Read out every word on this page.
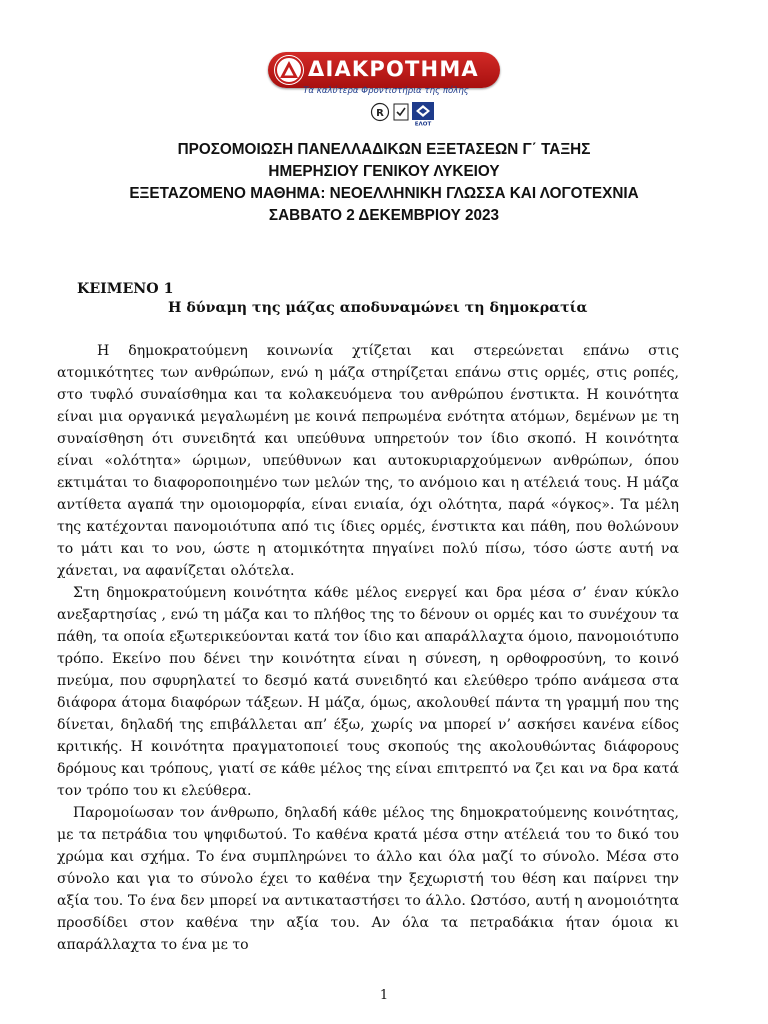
ΔΙΑΚΡΟΤΗΜΑ
Τα καλύτερα Φροντιστήρια της πόλης
R
ΕΛΟΤ
ΠΡΟΣΟΜΟΙΩΣΗ ΠΑΝΕΛΛΑΔΙΚΩΝ ΕΞΕΤΑΣΕΩΝ Γ΄ ΤΑΞΗΣ
ΗΜΕΡΗΣΙΟΥ ΓΕΝΙΚΟΥ ΛΥΚΕΙΟΥ
ΕΞΕΤΑΖΟΜΕΝΟ ΜΑΘΗΜΑ: ΝΕΟΕΛΛΗΝΙΚΗ ΓΛΩΣΣΑ ΚΑΙ ΛΟΓΟΤΕΧΝΙΑ
ΣΑΒΒΑΤΟ 2 ΔΕΚΕΜΒΡΙΟΥ 2023
ΚΕΙΜΕΝΟ 1
Η δύναμη της μάζας αποδυναμώνει τη δημοκρατία

Η δημοκρατούμενη κοινωνία χτίζεται και στερεώνεται επάνω στις ατομικότητες των ανθρώπων, ενώ η μάζα στηρίζεται επάνω στις ορμές, στις ροπές, στο τυφλό συναίσθημα και τα κολακευόμενα του ανθρώπου ένστικτα. Η κοινότητα είναι μια οργανικά μεγαλωμένη με κοινά πεπρωμένα ενότητα ατόμων, δεμένων με τη συναίσθηση ότι συνειδητά και υπεύθυνα υπηρετούν τον ίδιο σκοπό. Η κοινότητα είναι «ολότητα» ώριμων, υπεύθυνων και αυτοκυριαρχούμενων ανθρώπων, όπου εκτιμάται το διαφοροποιημένο των μελών της, το ανόμοιο και η ατέλειά τους. Η μάζα αντίθετα αγαπά την ομοιομορφία, είναι ενιαία, όχι ολότητα, παρά «όγκος». Τα μέλη της κατέχονται πανομοιότυπα από τις ίδιες ορμές, ένστικτα και πάθη, που θολώνουν το μάτι και το νου, ώστε η ατομικότητα πηγαίνει πολύ πίσω, τόσο ώστε αυτή να χάνεται, να αφανίζεται ολότελα.

Στη δημοκρατούμενη κοινότητα κάθε μέλος ενεργεί και δρα μέσα σ’ έναν κύκλο ανεξαρτησίας , ενώ τη μάζα και το πλήθος της το δένουν οι ορμές και το συνέχουν τα πάθη, τα οποία εξωτερικεύονται κατά τον ίδιο και απαράλλαχτα όμοιο, πανομοιότυπο τρόπο. Εκείνο που δένει την κοινότητα είναι η σύνεση, η ορθοφροσύνη, το κοινό πνεύμα, που σφυρηλατεί το δεσμό κατά συνειδητό και ελεύθερο τρόπο ανάμεσα στα διάφορα άτομα διαφόρων τάξεων. Η μάζα, όμως, ακολουθεί πάντα τη γραμμή που της δίνεται, δηλαδή της επιβάλλεται απ’ έξω, χωρίς να μπορεί ν’ ασκήσει κανένα είδος κριτικής. Η κοινότητα πραγματοποιεί τους σκοπούς της ακολουθώντας διάφορους δρόμους και τρόπους, γιατί σε κάθε μέλος της είναι επιτρεπτό να ζει και να δρα κατά τον τρόπο του κι ελεύθερα.

Παρομοίωσαν τον άνθρωπο, δηλαδή κάθε μέλος της δημοκρατούμενης κοινότητας, με τα πετράδια του ψηφιδωτού. Το καθένα κρατά μέσα στην ατέλειά του το δικό του χρώμα και σχήμα. Το ένα συμπληρώνει το άλλο και όλα μαζί το σύνολο. Μέσα στο σύνολο και για το σύνολο έχει το καθένα την ξεχωριστή του θέση και παίρνει την αξία του. Το ένα δεν μπορεί να αντικαταστήσει το άλλο. Ωστόσο, αυτή η ανομοιότητα προσδίδει στον καθένα την αξία του. Αν όλα τα πετραδάκια ήταν όμοια κι απαράλλαχτα το ένα με το

1
